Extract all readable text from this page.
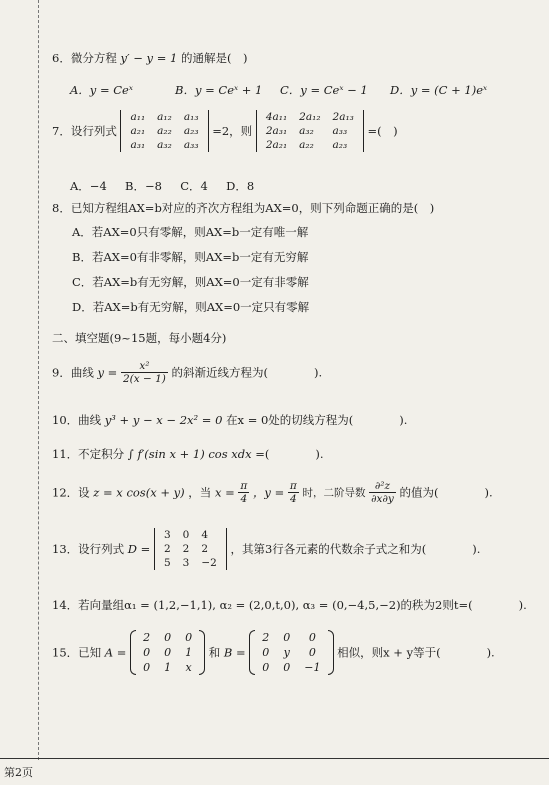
6．微分方程 y′ − y = 1 的通解是(　)
A．y = Ceˣ	B．y = Ceˣ + 1 C．y = Ceˣ − 1 D．y = (C + 1)eˣ
7．设行列式
a₁₁	a₁₂	a₁₃
a₂₁	a₂₂	a₂₃
a₃₁	a₃₂	a₃₃
=2，则
4a₁₁	2a₁₂	2a₁₃
2a₃₁	a₃₂	a₃₃
2a₂₁	a₂₂	a₂₃
=(　)
A．−4 B．−8 C．4 D．8
8．已知方程组AX=b对应的齐次方程组为AX=0，则下列命题正确的是(　)
A．若AX=0只有零解，则AX=b一定有唯一解
B．若AX=0有非零解，则AX=b一定有无穷解
C．若AX=b有无穷解，则AX=0一定有非零解
D．若AX=b有无穷解，则AX=0一定只有零解
二、填空题(9~15题，每小题4分)
9．曲线 $y = \frac{\text{x²}}{2(x - 1)}$ 的斜渐近线方程为(　　　　).
10．曲线 y³ + y − x − 2x² = 0 在x = 0处的切线方程为(　　　　).
11．不定积分 ∫ f′(sin x + 1) cos xdx =(　　　　).
12．设 z = x cos(x + y) ，当 $x = \frac{\pi}{4}$ ，$y = \frac{\pi}{4}$ 时，二阶导数 $\frac{\text{∂²z}}{\partial x\partial y}$ 的值为(　　　　).
13．设行列式 D =
3	0	4
2	2	2
5	3	−2
，其第3行各元素的代数余子式之和为(　　　　).
14．若向量组α₁ = (1,2,−1,1), α₂ = (2,0,t,0), α₃ = (0,−4,5,−2)的秩为2则t=(　　　　).
15．已知 A =
2	0	0
0	0	1
0	1	x
和 B =
2	0	0
0	y	0
0	0	−1
相似，则x + y等于(　　　　).
第2页
